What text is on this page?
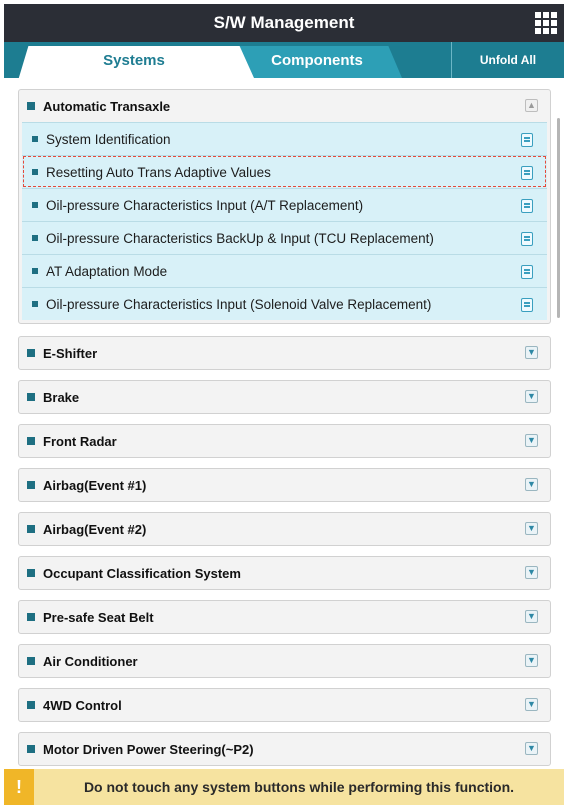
S/W Management
Components
Systems	Unfold All
Automatic Transaxle	▲
System Identification
Resetting Auto Trans Adaptive Values
Oil-pressure Characteristics Input (A/T Replacement)
Oil-pressure Characteristics BackUp & Input (TCU Replacement)
AT Adaptation Mode
Oil-pressure Characteristics Input (Solenoid Valve Replacement)
E-Shifter	▼
Brake	▼
Front Radar	▼
Airbag(Event #1)	▼
Airbag(Event #2)	▼
Occupant Classification System	▼
Pre-safe Seat Belt	▼
Air Conditioner	▼
4WD Control	▼
Motor Driven Power Steering(~P2)	▼
!	Do not touch any system buttons while performing this function.
